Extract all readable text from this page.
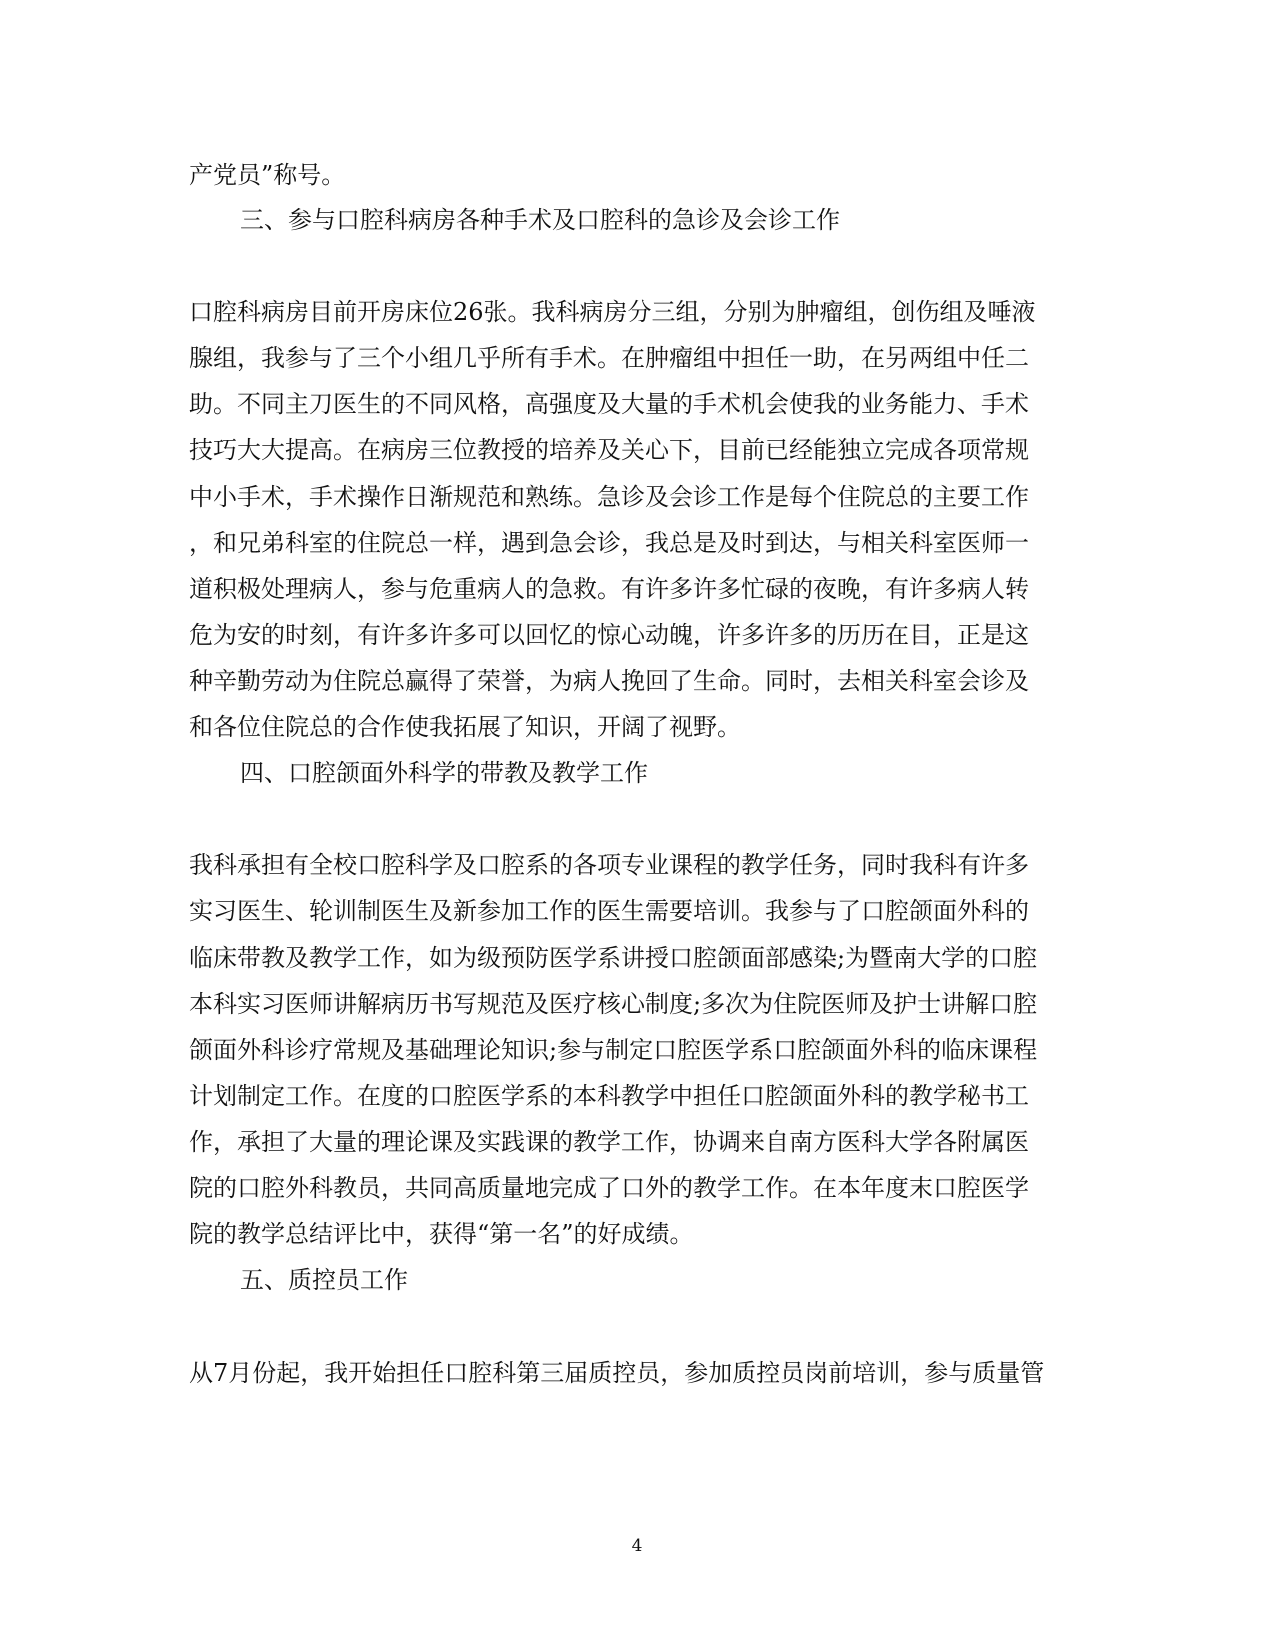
产党员”称号。

三、参与口腔科病房各种手术及口腔科的急诊及会诊工作

口腔科病房目前开房床位26张。我科病房分三组，分别为肿瘤组，创伤组及唾液

腺组，我参与了三个小组几乎所有手术。在肿瘤组中担任一助，在另两组中任二

助。不同主刀医生的不同风格，高强度及大量的手术机会使我的业务能力、手术

技巧大大提高。在病房三位教授的培养及关心下，目前已经能独立完成各项常规

中小手术，手术操作日渐规范和熟练。急诊及会诊工作是每个住院总的主要工作

，和兄弟科室的住院总一样，遇到急会诊，我总是及时到达，与相关科室医师一

道积极处理病人，参与危重病人的急救。有许多许多忙碌的夜晚，有许多病人转

危为安的时刻，有许多许多可以回忆的惊心动魄，许多许多的历历在目，正是这

种辛勤劳动为住院总赢得了荣誉，为病人挽回了生命。同时，去相关科室会诊及

和各位住院总的合作使我拓展了知识，开阔了视野。

四、口腔颌面外科学的带教及教学工作

我科承担有全校口腔科学及口腔系的各项专业课程的教学任务，同时我科有许多

实习医生、轮训制医生及新参加工作的医生需要培训。我参与了口腔颌面外科的

临床带教及教学工作，如为级预防医学系讲授口腔颌面部感染;为暨南大学的口腔

本科实习医师讲解病历书写规范及医疗核心制度;多次为住院医师及护士讲解口腔

颌面外科诊疗常规及基础理论知识;参与制定口腔医学系口腔颌面外科的临床课程

计划制定工作。在度的口腔医学系的本科教学中担任口腔颌面外科的教学秘书工

作，承担了大量的理论课及实践课的教学工作，协调来自南方医科大学各附属医

院的口腔外科教员，共同高质量地完成了口外的教学工作。在本年度末口腔医学

院的教学总结评比中，获得“第一名”的好成绩。

五、质控员工作

从7月份起，我开始担任口腔科第三届质控员，参加质控员岗前培训，参与质量管

4
